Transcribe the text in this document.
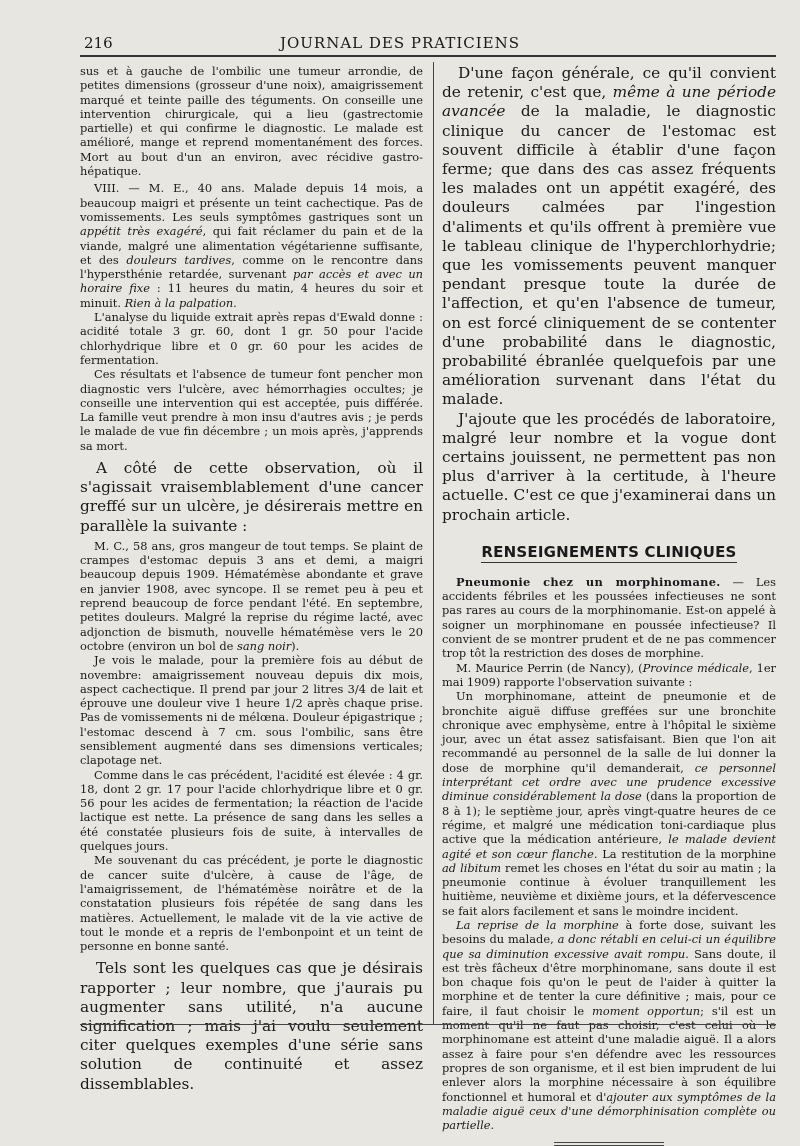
216	JOURNAL DES PRATICIENS

sus et à gauche de l'ombilic une tumeur arrondie, de petites dimensions (grosseur d'une noix), amaigrissement marqué et teinte paille des téguments. On conseille une intervention chirurgicale, qui a lieu (gastrectomie partielle) et qui confirme le diagnostic. Le malade est amélioré, mange et reprend momentanément des forces. Mort au bout d'un an environ, avec récidive gastro-hépatique.

VIII. — M. E., 40 ans. Malade depuis 14 mois, a beaucoup maigri et présente un teint cachectique. Pas de vomissements. Les seuls symptômes gastriques sont un appétit très exagéré, qui fait réclamer du pain et de la viande, malgré une alimentation végétarienne suffisante, et des douleurs tardives, comme on le rencontre dans l'hypersthénie retardée, survenant par accès et avec un horaire fixe : 11 heures du matin, 4 heures du soir et minuit. Rien à la palpation.

L'analyse du liquide extrait après repas d'Ewald donne : acidité totale 3 gr. 60, dont 1 gr. 50 pour l'acide chlorhydrique libre et 0 gr. 60 pour les acides de fermentation.

Ces résultats et l'absence de tumeur font pencher mon diagnostic vers l'ulcère, avec hémorrhagies occultes; je conseille une intervention qui est acceptée, puis différée. La famille veut prendre à mon insu d'autres avis ; je perds le malade de vue fin décembre ; un mois après, j'apprends sa mort.

A côté de cette observation, où il s'agissait vraisemblablement d'une cancer greffé sur un ulcère, je désirerais mettre en parallèle la suivante :

M. C., 58 ans, gros mangeur de tout temps. Se plaint de crampes d'estomac depuis 3 ans et demi, a maigri beaucoup depuis 1909. Hématémèse abondante et grave en janvier 1908, avec syncope. Il se remet peu à peu et reprend beaucoup de force pendant l'été. En septembre, petites douleurs. Malgré la reprise du régime lacté, avec adjonction de bismuth, nouvelle hématémèse vers le 20 octobre (environ un bol de sang noir).

Je vois le malade, pour la première fois au début de novembre: amaigrissement nouveau depuis dix mois, aspect cachectique. Il prend par jour 2 litres 3/4 de lait et éprouve une douleur vive 1 heure 1/2 après chaque prise. Pas de vomissements ni de mélœna. Douleur épigastrique ; l'estomac descend à 7 cm. sous l'ombilic, sans être sensiblement augmenté dans ses dimensions verticales; clapotage net.

Comme dans le cas précédent, l'acidité est élevée : 4 gr. 18, dont 2 gr. 17 pour l'acide chlorhydrique libre et 0 gr. 56 pour les acides de fermentation; la réaction de l'acide lactique est nette. La présence de sang dans les selles a été constatée plusieurs fois de suite, à intervalles de quelques jours.

Me souvenant du cas précédent, je porte le diagnostic de cancer suite d'ulcère, à cause de l'âge, de l'amaigrissement, de l'hématémèse noirâtre et de la constatation plusieurs fois répétée de sang dans les matières. Actuellement, le malade vit de la vie active de tout le monde et a repris de l'embonpoint et un teint de personne en bonne santé.

Tels sont les quelques cas que je désirais rapporter ; leur nombre, que j'aurais pu augmenter sans utilité, n'a aucune signification ; mais j'ai voulu seulement citer quelques exemples d'une série sans solution de continuité et assez dissemblables.

D'une façon générale, ce qu'il convient de retenir, c'est que, même à une période avancée de la maladie, le diagnostic clinique du cancer de l'estomac est souvent difficile à établir d'une façon ferme; que dans des cas assez fréquents les malades ont un appétit exagéré, des douleurs calmées par l'ingestion d'aliments et qu'ils offrent à première vue le tableau clinique de l'hyperchlorhydrie; que les vomissements peuvent manquer pendant presque toute la durée de l'affection, et qu'en l'absence de tumeur, on est forcé cliniquement de se contenter d'une probabilité dans le diagnostic, probabilité ébranlée quelquefois par une amélioration survenant dans l'état du malade.

J'ajoute que les procédés de laboratoire, malgré leur nombre et la vogue dont certains jouissent, ne permettent pas non plus d'arriver à la certitude, à l'heure actuelle. C'est ce que j'examinerai dans un prochain article.

RENSEIGNEMENTS CLINIQUES

Pneumonie chez un morphinomane. — Les accidents fébriles et les poussées infectieuses ne sont pas rares au cours de la morphinomanie. Est-on appelé à soigner un morphinomane en poussée infectieuse? Il convient de se montrer prudent et de ne pas commencer trop tôt la restriction des doses de morphine.

M. Maurice Perrin (de Nancy), (Province médicale, 1er mai 1909) rapporte l'observation suivante :

Un morphinomane, atteint de pneumonie et de bronchite aiguë diffuse greffées sur une bronchite chronique avec emphysème, entre à l'hôpital le sixième jour, avec un état assez satisfaisant. Bien que l'on ait recommandé au personnel de la salle de lui donner la dose de morphine qu'il demanderait, ce personnel interprétant cet ordre avec une prudence excessive diminue considérablement la dose (dans la proportion de 8 à 1); le septième jour, après vingt-quatre heures de ce régime, et malgré une médication toni-cardiaque plus active que la médication antérieure, le malade devient agité et son cœur flanche. La restitution de la morphine ad libitum remet les choses en l'état du soir au matin ; la pneumonie continue à évoluer tranquillement les huitième, neuvième et dixième jours, et la défervescence se fait alors facilement et sans le moindre incident.

La reprise de la morphine à forte dose, suivant les besoins du malade, a donc rétabli en celui-ci un équilibre que sa diminution excessive avait rompu. Sans doute, il est très fâcheux d'être morphinomane, sans doute il est bon chaque fois qu'on le peut de l'aider à quitter la morphine et de tenter la cure définitive ; mais, pour ce faire, il faut choisir le moment opportun; s'il est un moment qu'il ne faut pas choisir, c'est celui où le morphinomane est atteint d'une maladie aiguë. Il a alors assez à faire pour s'en défendre avec les ressources propres de son organisme, et il est bien imprudent de lui enlever alors la morphine nécessaire à son équilibre fonctionnel et humoral et d'ajouter aux symptômes de la maladie aiguë ceux d'une démorphinisation complète ou partielle.
